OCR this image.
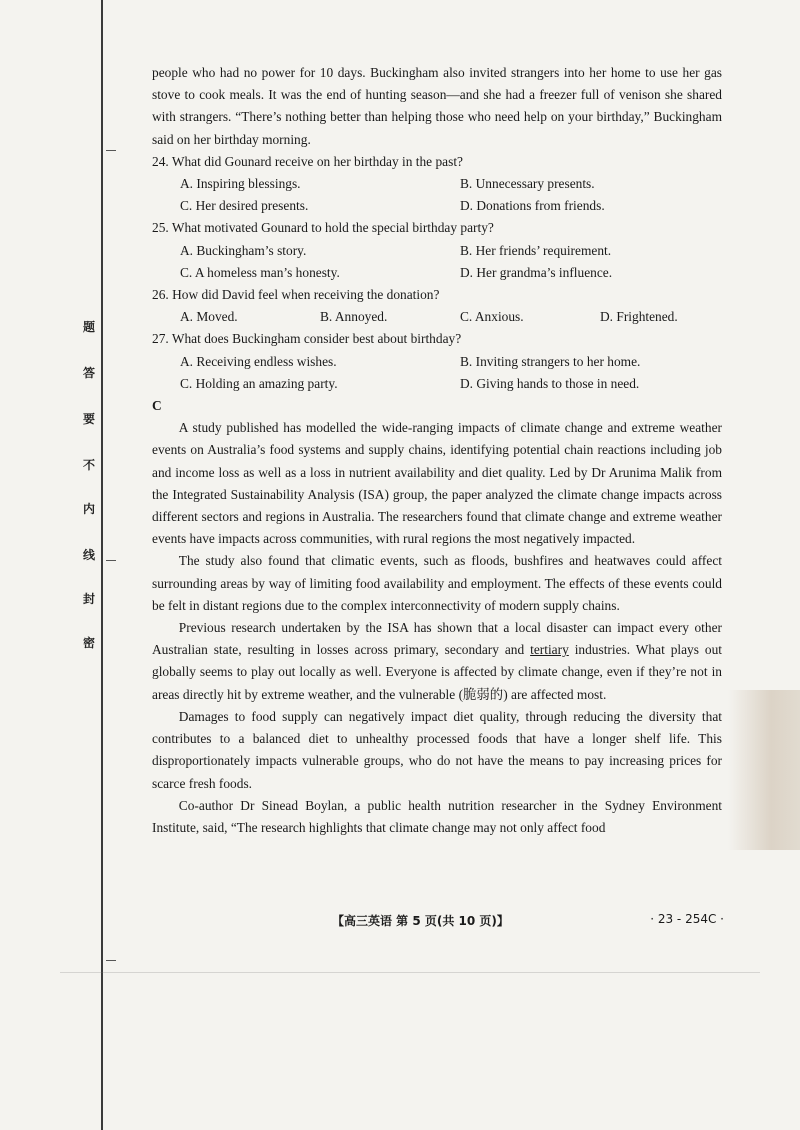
题
答
要
不
内
线
封
密

people who had no power for 10 days. Buckingham also invited strangers into her home to use her gas stove to cook meals. It was the end of hunting season—and she had a freezer full of venison she shared with strangers. “There’s nothing better than helping those who need help on your birthday,” Buckingham said on her birthday morning.

24. What did Gounard receive on her birthday in the past?

A. Inspiring blessings.	B. Unnecessary presents.
C. Her desired presents.	D. Donations from friends.

25. What motivated Gounard to hold the special birthday party?

A. Buckingham’s story.	B. Her friends’ requirement.
C. A homeless man’s honesty.	D. Her grandma’s influence.

26. How did David feel when receiving the donation?

A. Moved.	B. Annoyed.	C. Anxious.	D. Frightened.

27. What does Buckingham consider best about birthday?

A. Receiving endless wishes.	B. Inviting strangers to her home.
C. Holding an amazing party.	D. Giving hands to those in need.

C

A study published has modelled the wide-ranging impacts of climate change and extreme weather events on Australia’s food systems and supply chains, identifying potential chain reactions including job and income loss as well as a loss in nutrient availability and diet quality. Led by Dr Arunima Malik from the Integrated Sustainability Analysis (ISA) group, the paper analyzed the climate change impacts across different sectors and regions in Australia. The researchers found that climate change and extreme weather events have impacts across communities, with rural regions the most negatively impacted.

The study also found that climatic events, such as floods, bushfires and heatwaves could affect surrounding areas by way of limiting food availability and employment. The effects of these events could be felt in distant regions due to the complex interconnectivity of modern supply chains.

Previous research undertaken by the ISA has shown that a local disaster can impact every other Australian state, resulting in losses across primary, secondary and tertiary industries. What plays out globally seems to play out locally as well. Everyone is affected by climate change, even if they’re not in areas directly hit by extreme weather, and the vulnerable (脆弱的) are affected most.

Damages to food supply can negatively impact diet quality, through reducing the diversity that contributes to a balanced diet to unhealthy processed foods that have a longer shelf life. This disproportionately impacts vulnerable groups, who do not have the means to pay increasing prices for scarce fresh foods.

Co-author Dr Sinead Boylan, a public health nutrition researcher in the Sydney Environment Institute, said, “The research highlights that climate change may not only affect food

【高三英语 第 5 页(共 10 页)】	· 23 - 254C ·
